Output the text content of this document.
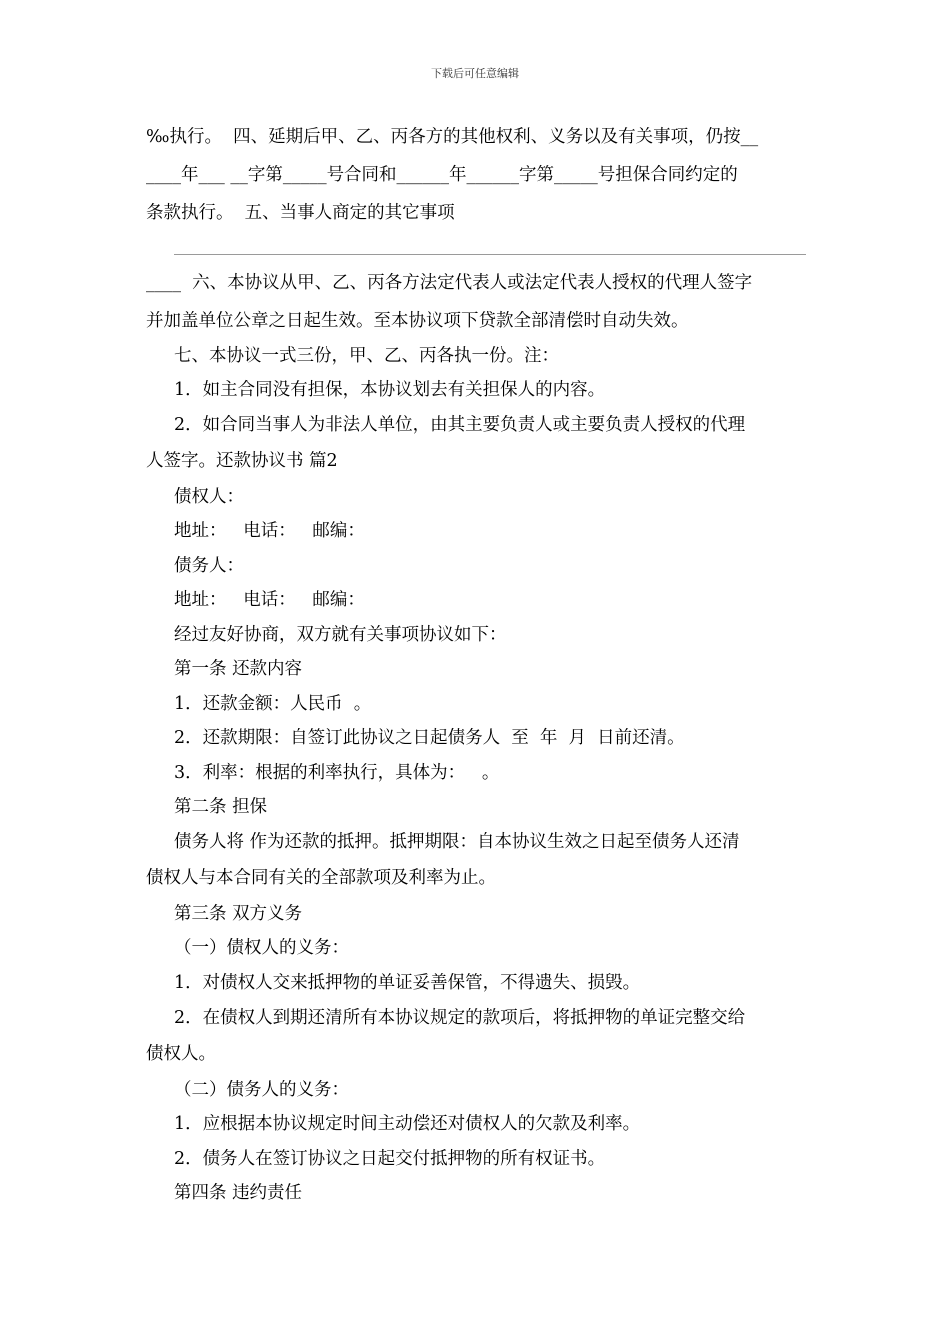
下载后可任意编辑
‰执行。  四、延期后甲、乙、丙各方的其他权利、义务以及有关事项，仍按__
____年___ __字第_____号合同和______年______字第_____号担保合同约定的
条款执行。  五、当事人商定的其它事项
____  六、本协议从甲、乙、丙各方法定代表人或法定代表人授权的代理人签字
并加盖单位公章之日起生效。至本协议项下贷款全部清偿时自动失效。
七、本协议一式三份，甲、乙、丙各执一份。注：
1．如主合同没有担保，本协议划去有关担保人的内容。
2．如合同当事人为非法人单位，由其主要负责人或主要负责人授权的代理
人签字。还款协议书 篇2
债权人：
地址：   电话：   邮编：
债务人：
地址：   电话：   邮编：
经过友好协商，双方就有关事项协议如下：
第一条 还款内容
1．还款金额：人民币  。
2．还款期限：自签订此协议之日起债务人  至  年  月  日前还清。
3．利率：根据的利率执行，具体为：   。
第二条 担保
债务人将 作为还款的抵押。抵押期限：自本协议生效之日起至债务人还清
债权人与本合同有关的全部款项及利率为止。
第三条 双方义务
（一）债权人的义务：
1．对债权人交来抵押物的单证妥善保管，不得遗失、损毁。
2．在债权人到期还清所有本协议规定的款项后，将抵押物的单证完整交给
债权人。
（二）债务人的义务：
1．应根据本协议规定时间主动偿还对债权人的欠款及利率。
2．债务人在签订协议之日起交付抵押物的所有权证书。
第四条 违约责任
